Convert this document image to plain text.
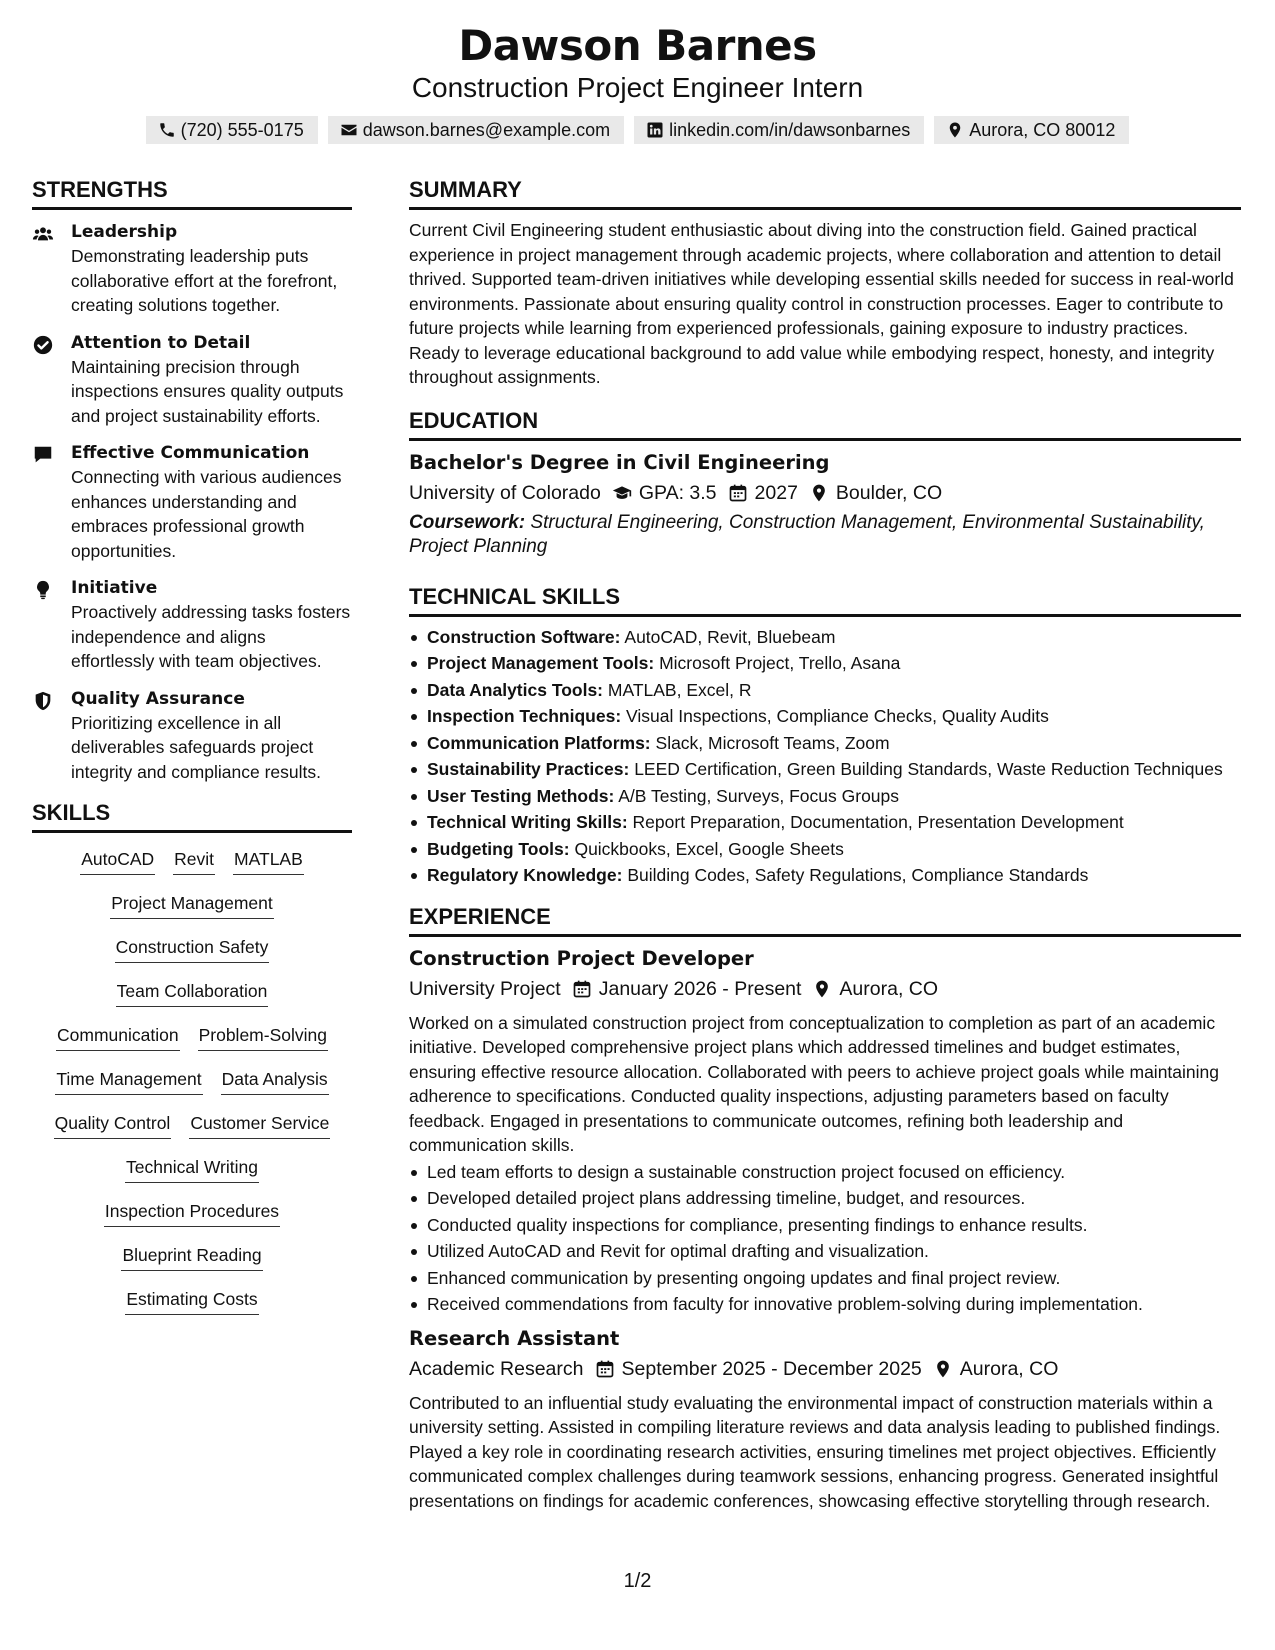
Dawson Barnes
Construction Project Engineer Intern
(720) 555-0175	dawson.barnes@example.com	linkedin.com/in/dawsonbarnes	Aurora, CO 80012
STRENGTHS
Leadership
Demonstrating leadership puts collaborative effort at the forefront, creating solutions together.
Attention to Detail
Maintaining precision through inspections ensures quality outputs and project sustainability efforts.
Effective Communication
Connecting with various audiences enhances understanding and embraces professional growth opportunities.
Initiative
Proactively addressing tasks fosters independence and aligns effortlessly with team objectives.
Quality Assurance
Prioritizing excellence in all deliverables safeguards project integrity and compliance results.
SKILLS
AutoCAD Revit MATLAB
Project Management
Construction Safety
Team Collaboration
Communication Problem-Solving
Time Management Data Analysis
Quality Control Customer Service
Technical Writing
Inspection Procedures
Blueprint Reading
Estimating Costs
SUMMARY

Current Civil Engineering student enthusiastic about diving into the construction field. Gained practical experience in project management through academic projects, where collaboration and attention to detail thrived. Supported team-driven initiatives while developing essential skills needed for success in real-world environments. Passionate about ensuring quality control in construction processes. Eager to contribute to future projects while learning from experienced professionals, gaining exposure to industry practices. Ready to leverage educational background to add value while embodying respect, honesty, and integrity throughout assignments.

EDUCATION
Bachelor's Degree in Civil Engineering
University of Colorado GPA: 3.5 2027 Boulder, CO
Coursework: Structural Engineering, Construction Management, Environmental Sustainability, Project Planning
TECHNICAL SKILLS
Construction Software: AutoCAD, Revit, Bluebeam
Project Management Tools: Microsoft Project, Trello, Asana
Data Analytics Tools: MATLAB, Excel, R
Inspection Techniques: Visual Inspections, Compliance Checks, Quality Audits
Communication Platforms: Slack, Microsoft Teams, Zoom
Sustainability Practices: LEED Certification, Green Building Standards, Waste Reduction Techniques
User Testing Methods: A/B Testing, Surveys, Focus Groups
Technical Writing Skills: Report Preparation, Documentation, Presentation Development
Budgeting Tools: Quickbooks, Excel, Google Sheets
Regulatory Knowledge: Building Codes, Safety Regulations, Compliance Standards
EXPERIENCE
Construction Project Developer
University Project January 2026 - Present Aurora, CO

Worked on a simulated construction project from conceptualization to completion as part of an academic initiative. Developed comprehensive project plans which addressed timelines and budget estimates, ensuring effective resource allocation. Collaborated with peers to achieve project goals while maintaining adherence to specifications. Conducted quality inspections, adjusting parameters based on faculty feedback. Engaged in presentations to communicate outcomes, refining both leadership and communication skills.

Led team efforts to design a sustainable construction project focused on efficiency.
Developed detailed project plans addressing timeline, budget, and resources.
Conducted quality inspections for compliance, presenting findings to enhance results.
Utilized AutoCAD and Revit for optimal drafting and visualization.
Enhanced communication by presenting ongoing updates and final project review.
Received commendations from faculty for innovative problem-solving during implementation.
Research Assistant
Academic Research September 2025 - December 2025 Aurora, CO

Contributed to an influential study evaluating the environmental impact of construction materials within a university setting. Assisted in compiling literature reviews and data analysis leading to published findings. Played a key role in coordinating research activities, ensuring timelines met project objectives. Efficiently communicated complex challenges during teamwork sessions, enhancing progress. Generated insightful presentations on findings for academic conferences, showcasing effective storytelling through research.

1/2
